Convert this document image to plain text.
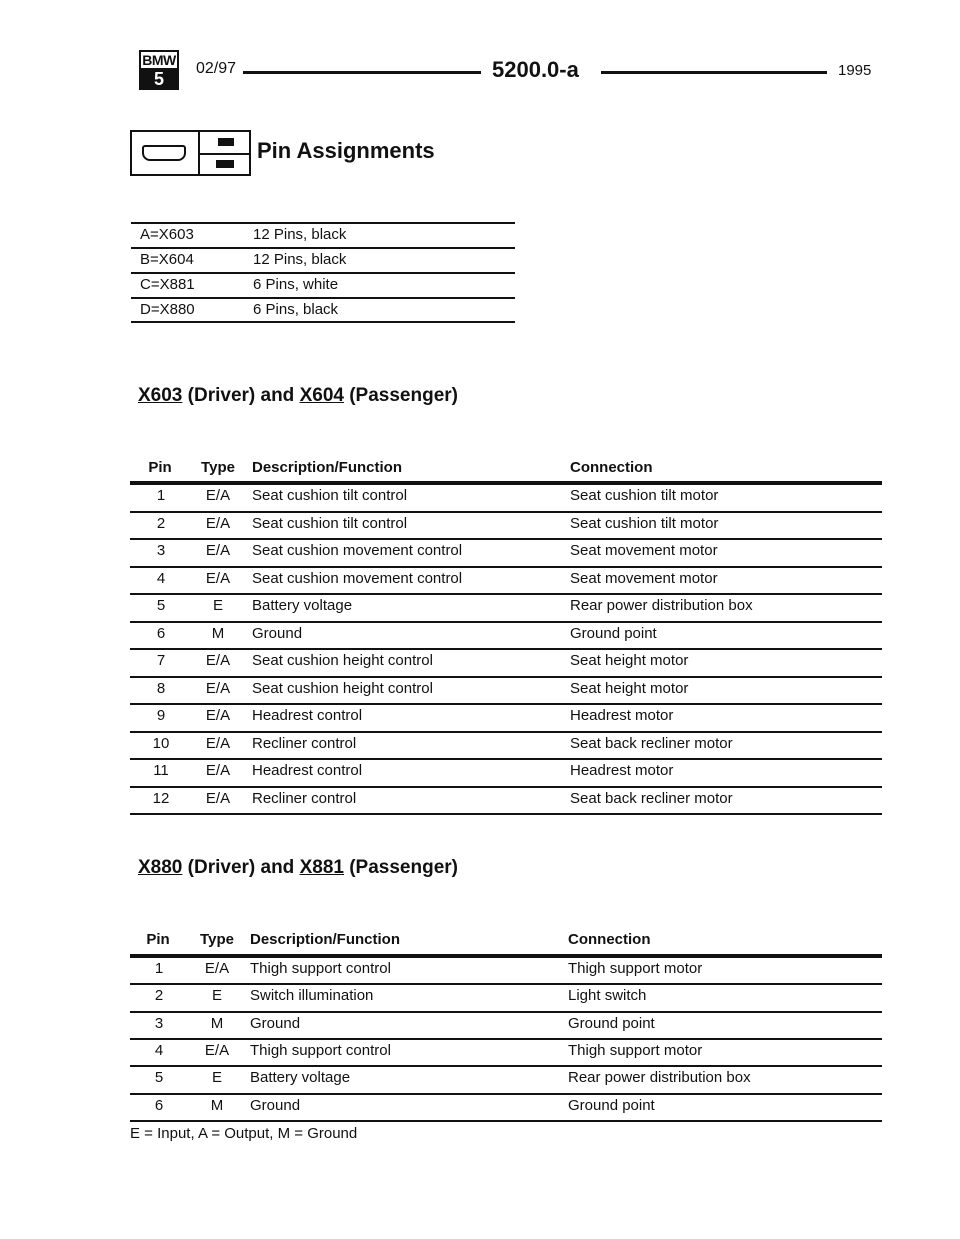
BMW
5
02/97	5200.0-a	1995
Pin Assignments
A=X603	12 Pins, black
B=X604	12 Pins, black
C=X881	6 Pins, white
D=X880	6 Pins, black
X603 (Driver) and X604 (Passenger)
Pin	Type	Description/Function	Connection
1	E/A	Seat cushion tilt control	Seat cushion tilt motor
2	E/A	Seat cushion tilt control	Seat cushion tilt motor
3	E/A	Seat cushion movement control	Seat movement motor
4	E/A	Seat cushion movement control	Seat movement motor
5	E	Battery voltage	Rear power distribution box
6	M	Ground	Ground point
7	E/A	Seat cushion height control	Seat height motor
8	E/A	Seat cushion height control	Seat height motor
9	E/A	Headrest control	Headrest motor
10	E/A	Recliner control	Seat back recliner motor
11	E/A	Headrest control	Headrest motor
12	E/A	Recliner control	Seat back recliner motor
X880 (Driver) and X881 (Passenger)
Pin	Type	Description/Function	Connection
1	E/A	Thigh support control	Thigh support motor
2	E	Switch illumination	Light switch
3	M	Ground	Ground point
4	E/A	Thigh support control	Thigh support motor
5	E	Battery voltage	Rear power distribution box
6	M	Ground	Ground point
E = Input, A = Output, M = Ground
